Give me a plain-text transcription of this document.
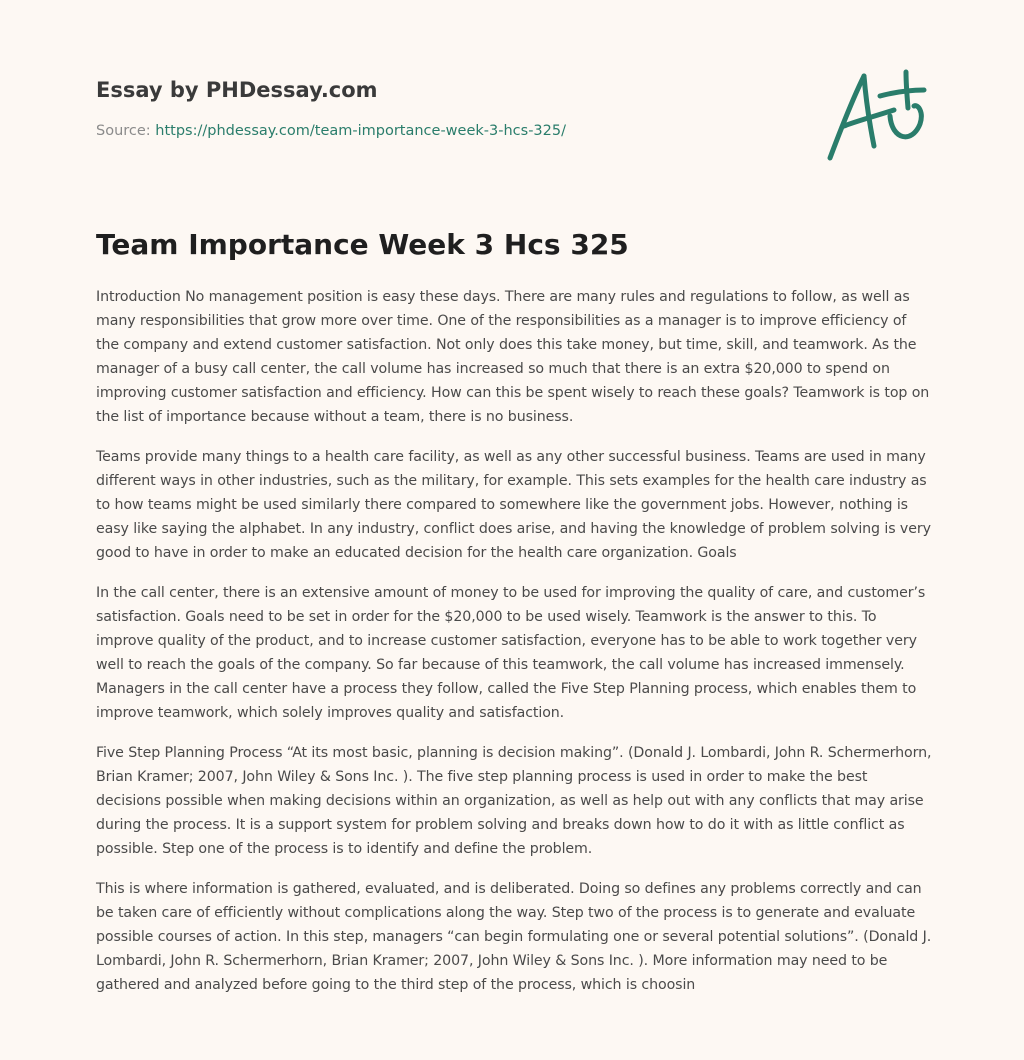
Essay by PHDessay.com
Source: https://phdessay.com/team-importance-week-3-hcs-325/
Team Importance Week 3 Hcs 325

Introduction No management position is easy these days. There are many rules and regulations to follow, as well as many responsibilities that grow more over time. One of the responsibilities as a manager is to improve efficiency of the company and extend customer satisfaction. Not only does this take money, but time, skill, and teamwork. As the manager of a busy call center, the call volume has increased so much that there is an extra $20,000 to spend on improving customer satisfaction and efficiency. How can this be spent wisely to reach these goals? Teamwork is top on the list of importance because without a team, there is no business.

Teams provide many things to a health care facility, as well as any other successful business. Teams are used in many different ways in other industries, such as the military, for example. This sets examples for the health care industry as to how teams might be used similarly there compared to somewhere like the government jobs. However, nothing is easy like saying the alphabet. In any industry, conflict does arise, and having the knowledge of problem solving is very good to have in order to make an educated decision for the health care organization. Goals

In the call center, there is an extensive amount of money to be used for improving the quality of care, and customer’s satisfaction. Goals need to be set in order for the $20,000 to be used wisely. Teamwork is the answer to this. To improve quality of the product, and to increase customer satisfaction, everyone has to be able to work together very well to reach the goals of the company. So far because of this teamwork, the call volume has increased immensely. Managers in the call center have a process they follow, called the Five Step Planning process, which enables them to improve teamwork, which solely improves quality and satisfaction.

Five Step Planning Process “At its most basic, planning is decision making”. (Donald J. Lombardi, John R. Schermerhorn, Brian Kramer; 2007, John Wiley & Sons Inc. ). The five step planning process is used in order to make the best decisions possible when making decisions within an organization, as well as help out with any conflicts that may arise during the process. It is a support system for problem solving and breaks down how to do it with as little conflict as possible. Step one of the process is to identify and define the problem.

This is where information is gathered, evaluated, and is deliberated. Doing so defines any problems correctly and can be taken care of efficiently without complications along the way. Step two of the process is to generate and evaluate possible courses of action. In this step, managers “can begin formulating one or several potential solutions”. (Donald J. Lombardi, John R. Schermerhorn, Brian Kramer; 2007, John Wiley & Sons Inc. ). More information may need to be gathered and analyzed before going to the third step of the process, which is choosin
